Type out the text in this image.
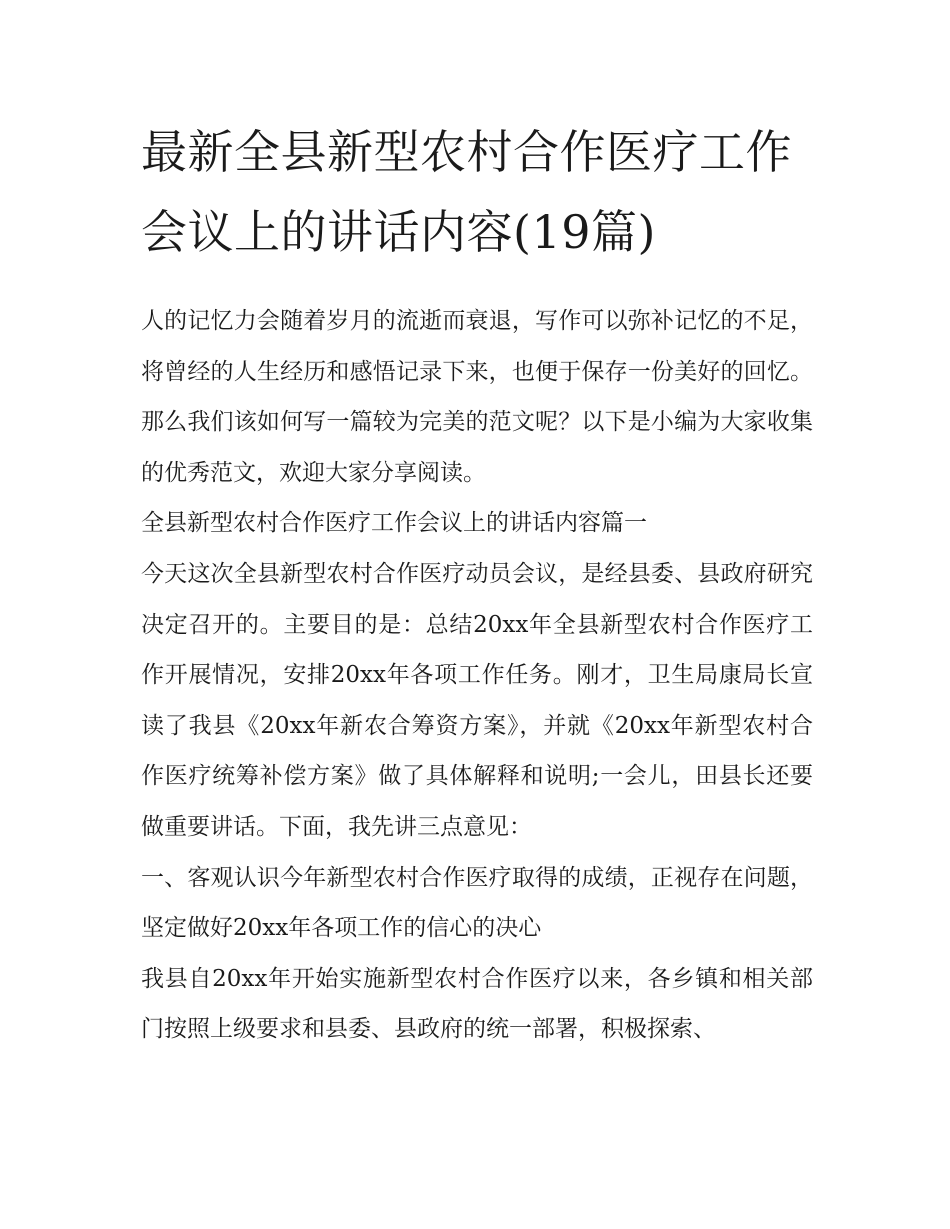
最新全县新型农村合作医疗工作会议上的讲话内容(19篇)

人的记忆力会随着岁月的流逝而衰退，写作可以弥补记忆的不足，将曾经的人生经历和感悟记录下来，也便于保存一份美好的回忆。那么我们该如何写一篇较为完美的范文呢？以下是小编为大家收集的优秀范文，欢迎大家分享阅读。

全县新型农村合作医疗工作会议上的讲话内容篇一

今天这次全县新型农村合作医疗动员会议，是经县委、县政府研究决定召开的。主要目的是：总结20xx年全县新型农村合作医疗工作开展情况，安排20xx年各项工作任务。刚才，卫生局康局长宣读了我县《20xx年新农合筹资方案》，并就《20xx年新型农村合作医疗统筹补偿方案》做了具体解释和说明;一会儿，田县长还要做重要讲话。下面，我先讲三点意见：

一、客观认识今年新型农村合作医疗取得的成绩，正视存在问题，坚定做好20xx年各项工作的信心的决心

我县自20xx年开始实施新型农村合作医疗以来，各乡镇和相关部门按照上级要求和县委、县政府的统一部署，积极探索、
